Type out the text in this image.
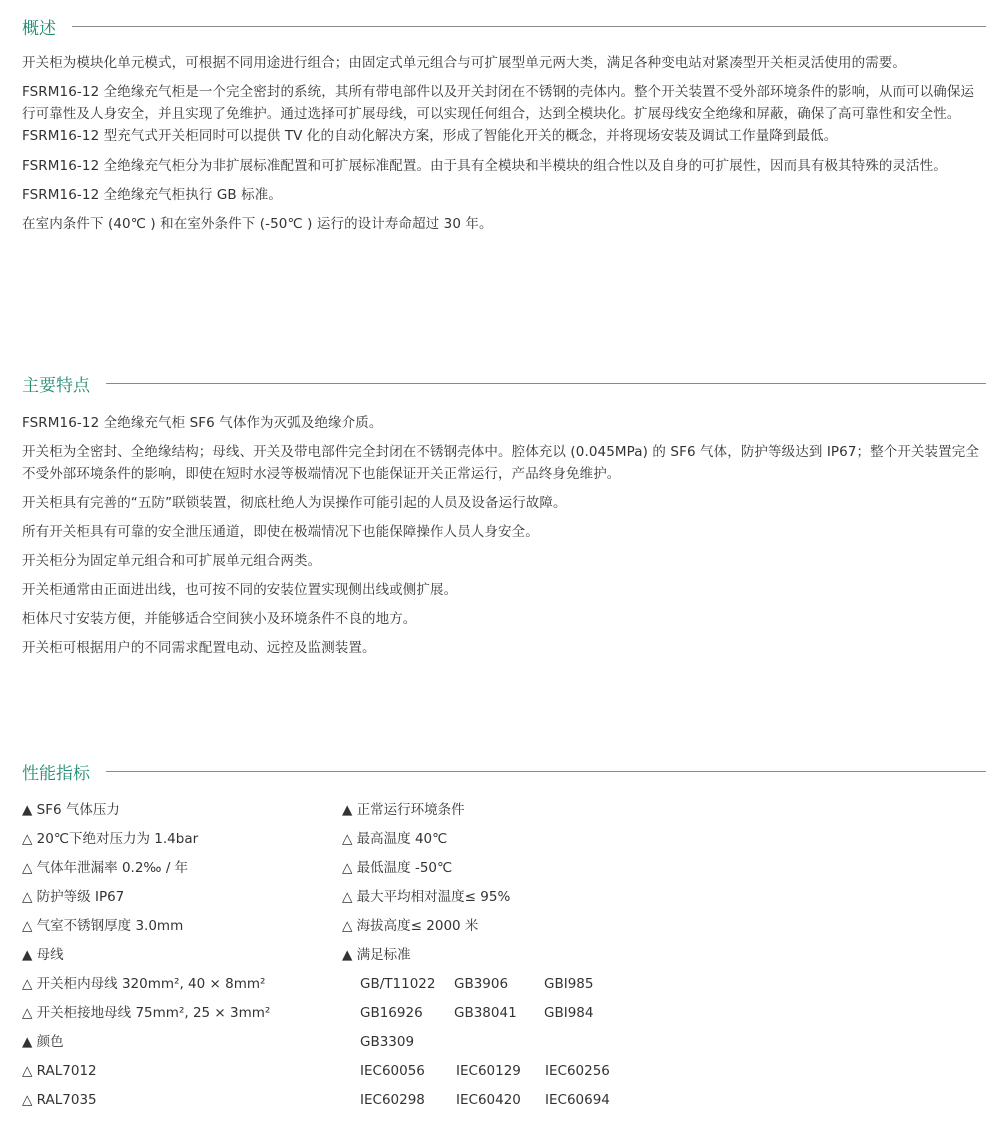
概述

开关柜为模块化单元模式，可根据不同用途进行组合；由固定式单元组合与可扩展型单元两大类，满足各种变电站对紧凑型开关柜灵活使用的需要。

FSRM16-12 全绝缘充气柜是一个完全密封的系统，其所有带电部件以及开关封闭在不锈钢的壳体内。整个开关装置不受外部环境条件的影响，从而可以确保运行可靠性及人身安全，并且实现了免维护。通过选择可扩展母线，可以实现任何组合，达到全模块化。扩展母线安全绝缘和屏蔽，确保了高可靠性和安全性。FSRM16-12 型充气式开关柜同时可以提供 TV 化的自动化解决方案，形成了智能化开关的概念，并将现场安装及调试工作量降到最低。

FSRM16-12 全绝缘充气柜分为非扩展标准配置和可扩展标准配置。由于具有全模块和半模块的组合性以及自身的可扩展性，因而具有极其特殊的灵活性。

FSRM16-12 全绝缘充气柜执行 GB 标准。

在室内条件下 (40℃ ) 和在室外条件下 (-50℃ ) 运行的设计寿命超过 30 年。

主要特点

FSRM16-12 全绝缘充气柜 SF6 气体作为灭弧及绝缘介质。

开关柜为全密封、全绝缘结构；母线、开关及带电部件完全封闭在不锈钢壳体中。腔体充以 (0.045MPa) 的 SF6 气体，防护等级达到 IP67；整个开关装置完全不受外部环境条件的影响，即使在短时水浸等极端情况下也能保证开关正常运行，产品终身免维护。

开关柜具有完善的“五防”联锁装置，彻底杜绝人为误操作可能引起的人员及设备运行故障。

所有开关柜具有可靠的安全泄压通道，即使在极端情况下也能保障操作人员人身安全。

开关柜分为固定单元组合和可扩展单元组合两类。

开关柜通常由正面进出线，也可按不同的安装位置实现侧出线或侧扩展。

柜体尺寸安装方便，并能够适合空间狭小及环境条件不良的地方。

开关柜可根据用户的不同需求配置电动、远控及监测装置。

性能指标
▲ SF6 气体压力
△ 20℃下绝对压力为 1.4bar
△ 气体年泄漏率 0.2‰ / 年
△ 防护等级 IP67
△ 气室不锈钢厚度 3.0mm
▲ 母线
△ 开关柜内母线 320mm², 40 × 8mm²
△ 开关柜接地母线 75mm², 25 × 3mm²
▲ 颜色
△ RAL7012
△ RAL7035
▲ 正常运行环境条件
△ 最高温度 40℃
△ 最低温度 -50℃
△ 最大平均相对温度≤ 95%
△ 海拔高度≤ 2000 米
▲ 满足标准
GB/T11022 GB3906	GBI985
GB16926 GB38041 GBI984
GB3309
IEC60056 IEC60129 IEC60256
IEC60298 IEC60420 IEC60694
